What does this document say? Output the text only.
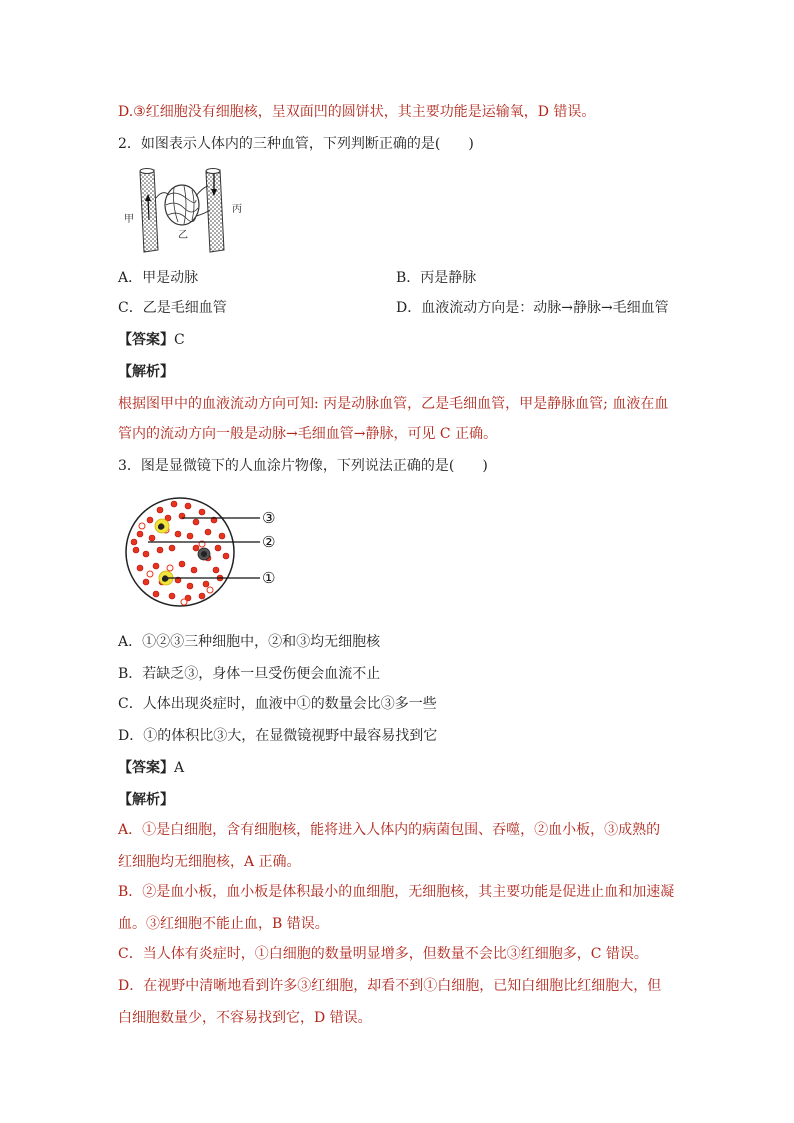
D.③红细胞没有细胞核，呈双面凹的圆饼状，其主要功能是运输氧，D 错误。
2．如图表示人体内的三种血管，下列判断正确的是(　　)
甲
乙
丙
A．甲是动脉	B．丙是静脉
C．乙是毛细血管	D．血液流动方向是：动脉→静脉→毛细血管
【答案】C
【解析】
根据图甲中的血液流动方向可知: 丙是动脉血管，乙是毛细血管，甲是静脉血管; 血液在血
管内的流动方向一般是动脉→毛细血管→静脉，可见 C 正确。
3．图是显微镜下的人血涂片物像，下列说法正确的是(　　)
③
②
①
A．①②③三种细胞中，②和③均无细胞核
B．若缺乏③，身体一旦受伤便会血流不止
C．人体出现炎症时，血液中①的数量会比③多一些
D．①的体积比③大，在显微镜视野中最容易找到它
【答案】A
【解析】
A．①是白细胞，含有细胞核，能将进入人体内的病菌包围、吞噬，②血小板，③成熟的
红细胞均无细胞核，A 正确。
B．②是血小板，血小板是体积最小的血细胞，无细胞核，其主要功能是促进止血和加速凝
血。③红细胞不能止血，B 错误。
C．当人体有炎症时，①白细胞的数量明显增多，但数量不会比③红细胞多，C 错误。
D．在视野中清晰地看到许多③红细胞，却看不到①白细胞，已知白细胞比红细胞大，但
白细胞数量少，不容易找到它，D 错误。
